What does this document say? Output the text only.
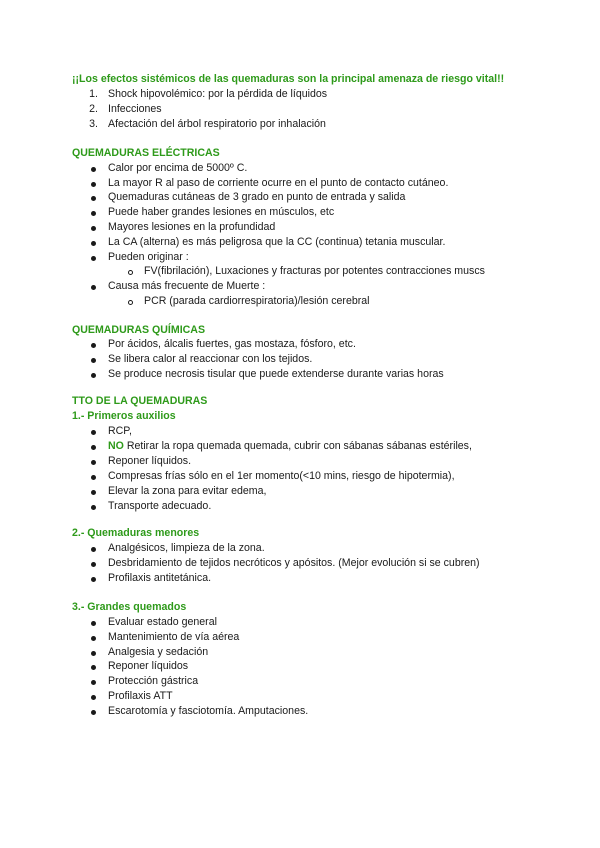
¡¡Los efectos sistémicos de las quemaduras son la principal amenaza de riesgo vital!!
1. Shock hipovolémico: por la pérdida de líquidos
2. Infecciones
3. Afectación del árbol respiratorio por inhalación
QUEMADURAS ELÉCTRICAS
Calor por encima de 5000º C.
La mayor R al paso de corriente ocurre en el punto de contacto cutáneo.
Quemaduras cutáneas de 3 grado en punto de entrada y salida
Puede haber grandes lesiones en músculos, etc
Mayores lesiones en la profundidad
La CA (alterna) es más peligrosa que la CC (continua) tetania muscular.
Pueden originar :
FV(fibrilación), Luxaciones y fracturas por potentes contracciones muscs
Causa más frecuente de Muerte :
PCR (parada cardiorrespiratoria)/lesión cerebral
QUEMADURAS QUÍMICAS
Por ácidos, álcalis fuertes, gas mostaza, fósforo, etc.
Se libera calor al reaccionar con los tejidos.
Se produce necrosis tisular que puede extenderse durante varias horas
TTO DE LA QUEMADURAS
1.- Primeros auxilios
RCP,
NO Retirar la ropa quemada quemada, cubrir con sábanas sábanas estériles,
Reponer líquidos.
Compresas frías sólo en el 1er momento(<10 mins, riesgo de hipotermia),
Elevar la zona para evitar edema,
Transporte adecuado.
2.- Quemaduras menores
Analgésicos, limpieza de la zona.
Desbridamiento de tejidos necróticos y apósitos. (Mejor evolución si se cubren)
Profilaxis antitetánica.
3.- Grandes quemados
Evaluar estado general
Mantenimiento de vía aérea
Analgesia y sedación
Reponer líquidos
Protección gástrica
Profilaxis ATT
Escarotomía y fasciotomía. Amputaciones.
